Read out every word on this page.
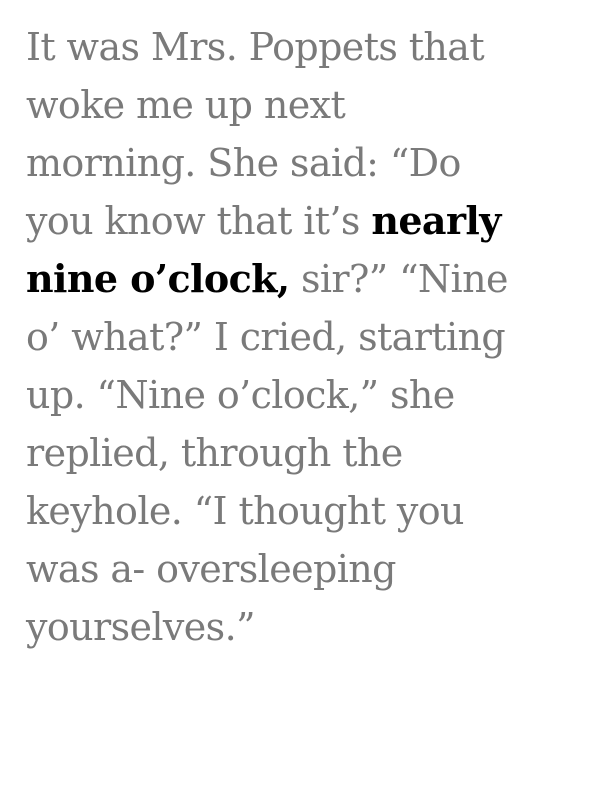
It was Mrs. Poppets that
woke me up next
morning. She said: “Do
you know that it’s nearly
nine o’clock, sir?” “Nine
o’ what?” I cried, starting
up. “Nine o’clock,” she
replied, through the
keyhole. “I thought you
was a- oversleeping
yourselves.”
